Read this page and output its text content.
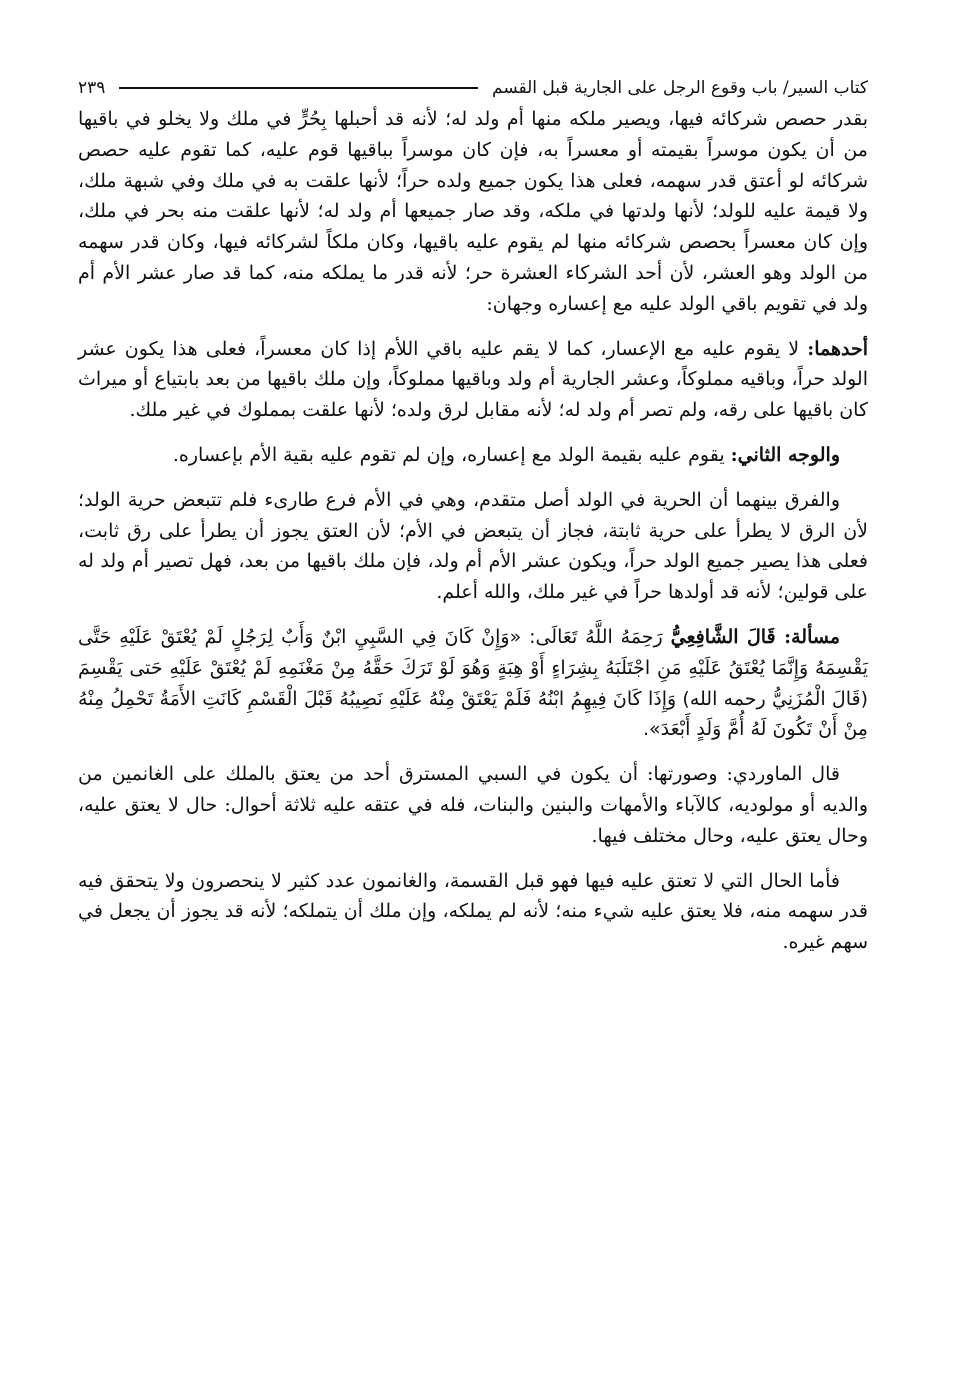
كتاب السير/ باب وقوع الرجل على الجارية قبل القسم
٢٣٩

بقدر حصص شركائه فيها، ويصير ملكه منها أم ولد له؛ لأنه قد أحبلها بِحُرٍّ في ملك ولا يخلو في باقيها من أن يكون موسراً بقيمته أو معسراً به، فإن كان موسراً بباقيها قوم عليه، كما تقوم عليه حصص شركائه لو أعتق قدر سهمه، فعلى هذا يكون جميع ولده حراً؛ لأنها علقت به في ملك وفي شبهة ملك، ولا قيمة عليه للولد؛ لأنها ولدتها في ملكه، وقد صار جميعها أم ولد له؛ لأنها علقت منه بحر في ملك، وإن كان معسراً بحصص شركائه منها لم يقوم عليه باقيها، وكان ملكاً لشركائه فيها، وكان قدر سهمه من الولد وهو العشر، لأن أحد الشركاء العشرة حر؛ لأنه قدر ما يملكه منه، كما قد صار عشر الأم أم ولد في تقويم باقي الولد عليه مع إعساره وجهان:

أحدهما: لا يقوم عليه مع الإعسار، كما لا يقم عليه باقي اللأم إذا كان معسراً، فعلى هذا يكون عشر الولد حراً، وباقيه مملوكاً، وعشر الجارية أم ولد وباقيها مملوكاً، وإن ملك باقيها من بعد بابتياع أو ميراث كان باقيها على رقه، ولم تصر أم ولد له؛ لأنه مقابل لرق ولده؛ لأنها علقت بمملوك في غير ملك.

والوجه الثاني: يقوم عليه بقيمة الولد مع إعساره، وإن لم تقوم عليه بقية الأم بإعساره.

والفرق بينهما أن الحرية في الولد أصل متقدم، وهي في الأم فرع طارىء فلم تتبعض حرية الولد؛ لأن الرق لا يطرأ على حرية ثابتة، فجاز أن يتبعض في الأم؛ لأن العتق يجوز أن يطرأ على رق ثابت، فعلى هذا يصير جميع الولد حراً، ويكون عشر الأم أم ولد، فإن ملك باقيها من بعد، فهل تصير أم ولد له على قولين؛ لأنه قد أولدها حراً في غير ملك، والله أعلم.

مسألة: قَالَ الشَّافِعِيُّ رَحِمَهُ اللَّهُ تَعَالَى: «وَإِنْ كَانَ فِي السَّبِيِ ابْنٌ وَأَبٌ لِرَجُلٍ لَمْ يُعْتَقْ عَلَيْهِ حَتَّى يَقْسِمَهُ وَإِنَّمَا يُعْتَقُ عَلَيْهِ مَنِ اجْتَلَبَهُ بِشِرَاءٍ أَوْ هِبَةٍ وَهُوَ لَوْ تَرَكَ حَقَّهُ مِنْ مَغْنَمِهِ لَمْ يُعْتَقْ عَلَيْهِ حَتى يَقْسِمَ (قَالَ الْمُزَنِيُّ رحمه الله) وَإِذَا كَانَ فِيهِمُ ابْنُهُ فَلَمْ يَعْتَقْ مِنْهُ عَلَيْهِ نَصِيبُهُ قَبْلَ الْقَسْمِ كَانَتِ الأَمَةُ تَحْمِلُ مِنْهُ مِنْ أَنْ تَكُونَ لَهُ أُمَّ وَلَدٍ أَبْعَدَ».

قال الماوردي: وصورتها: أن يكون في السبي المسترق أحد من يعتق بالملك على الغانمين من والديه أو مولوديه، كالآباء والأمهات والبنين والبنات، فله في عتقه عليه ثلاثة أحوال: حال لا يعتق عليه، وحال يعتق عليه، وحال مختلف فيها.

فأما الحال التي لا تعتق عليه فيها فهو قبل القسمة، والغانمون عدد كثير لا ينحصرون ولا يتحقق فيه قدر سهمه منه، فلا يعتق عليه شيء منه؛ لأنه لم يملكه، وإن ملك أن يتملكه؛ لأنه قد يجوز أن يجعل في سهم غيره.
